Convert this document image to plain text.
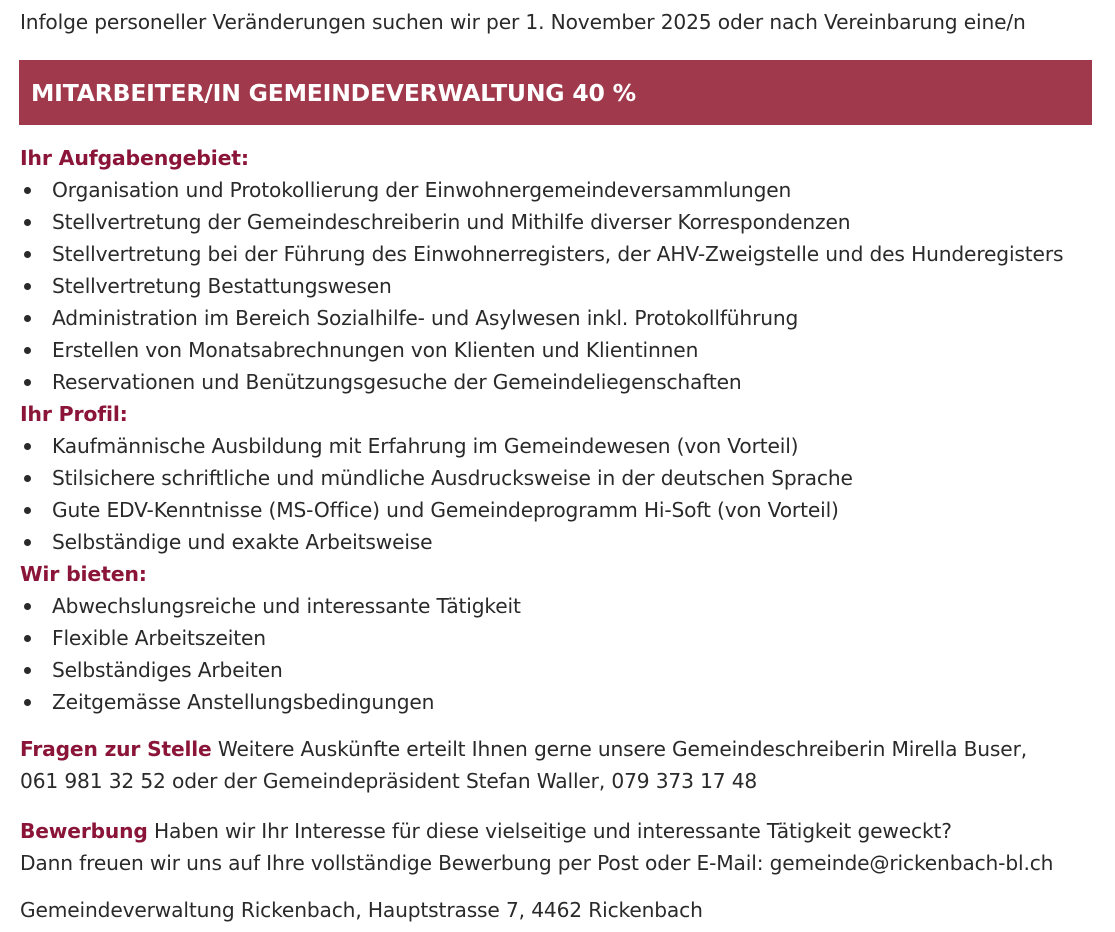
Infolge personeller Veränderungen suchen wir per 1. November 2025 oder nach Vereinbarung eine/n
MITARBEITER/IN GEMEINDEVERWALTUNG 40 %
Ihr Aufgabengebiet:
Organisation und Protokollierung der Einwohnergemeindeversammlungen
Stellvertretung der Gemeindeschreiberin und Mithilfe diverser Korrespondenzen
Stellvertretung bei der Führung des Einwohnerregisters, der AHV-Zweigstelle und des Hunderegisters
Stellvertretung Bestattungswesen
Administration im Bereich Sozialhilfe- und Asylwesen inkl. Protokollführung
Erstellen von Monatsabrechnungen von Klienten und Klientinnen
Reservationen und Benützungsgesuche der Gemeindeliegenschaften
Ihr Profil:
Kaufmännische Ausbildung mit Erfahrung im Gemeindewesen (von Vorteil)
Stilsichere schriftliche und mündliche Ausdrucksweise in der deutschen Sprache
Gute EDV-Kenntnisse (MS-Office) und Gemeindeprogramm Hi-Soft (von Vorteil)
Selbständige und exakte Arbeitsweise
Wir bieten:
Abwechslungsreiche und interessante Tätigkeit
Flexible Arbeitszeiten
Selbständiges Arbeiten
Zeitgemässe Anstellungsbedingungen
Fragen zur Stelle Weitere Auskünfte erteilt Ihnen gerne unsere Gemeindeschreiberin Mirella Buser,
061 981 32 52 oder der Gemeindepräsident Stefan Waller, 079 373 17 48
Bewerbung Haben wir Ihr Interesse für diese vielseitige und interessante Tätigkeit geweckt?
Dann freuen wir uns auf Ihre vollständige Bewerbung per Post oder E-Mail: gemeinde@rickenbach-bl.ch
Gemeindeverwaltung Rickenbach, Hauptstrasse 7, 4462 Rickenbach
